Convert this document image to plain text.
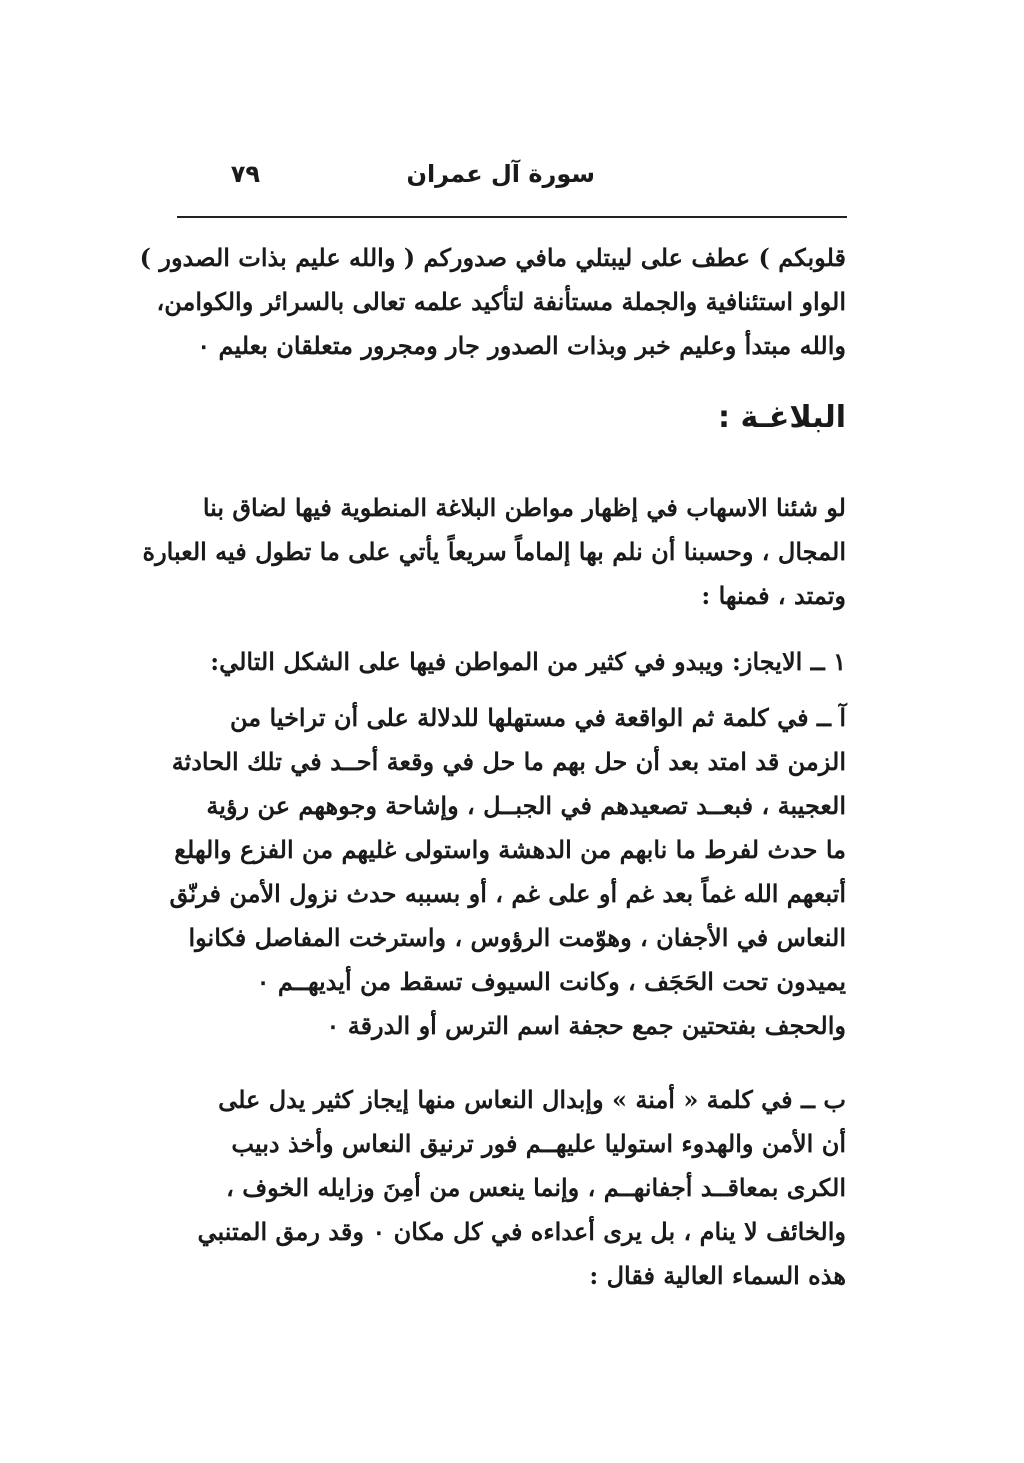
سورة آل عمران
٧٩
قلوبكم ) عطف على ليبتلي مافي صدوركم ( والله عليم بذات الصدور )
الواو استئنافية والجملة مستأنفة لتأكيد علمه تعالى بالسرائر والكوامن،
والله مبتدأ وعليم خبر وبذات الصدور جار ومجرور متعلقان بعليم ٠
البلاغـة :
لو شئنا الاسهاب في إظهار مواطن البلاغة المنطوية فيها لضاق بنا
المجال ، وحسبنا أن نلم بها إلماماً سريعاً يأتي على ما تطول فيه العبارة
وتمتد ، فمنها :
١ ــ الايجاز: ويبدو في كثير من المواطن فيها على الشكل التالي:
آ ــ في كلمة ثم الواقعة في مستهلها للدلالة على أن تراخيا من
الزمن قد امتد بعد أن حل بهم ما حل في وقعة أحــد في تلك الحادثة
العجيبة ، فبعــد تصعيدهم في الجبــل ، وإشاحة وجوههم عن رؤية
ما حدث لفرط ما نابهم من الدهشة واستولى غليهم من الفزع والهلع
أتبعهم الله غماً بعد غم أو على غم ، أو بسببه حدث نزول الأمن فرنّق
النعاس في الأجفان ، وهوّمت الرؤوس ، واسترخت المفاصل فكانوا
يميدون تحت الحَجَف ، وكانت السيوف تسقط من أيديهــم ٠
والحجف بفتحتين جمع حجفة اسم الترس أو الدرقة ٠
ب ــ في كلمة « أمنة » وإبدال النعاس منها إيجاز كثير يدل على
أن الأمن والهدوء استوليا عليهــم فور ترنيق النعاس وأخذ دبيب
الكرى بمعاقــد أجفانهــم ، وإنما ينعس من أمِنَ وزايله الخوف ،
والخائف لا ينام ، بل يرى أعداءه في كل مكان ٠ وقد رمق المتنبي
هذه السماء العالية فقال :
